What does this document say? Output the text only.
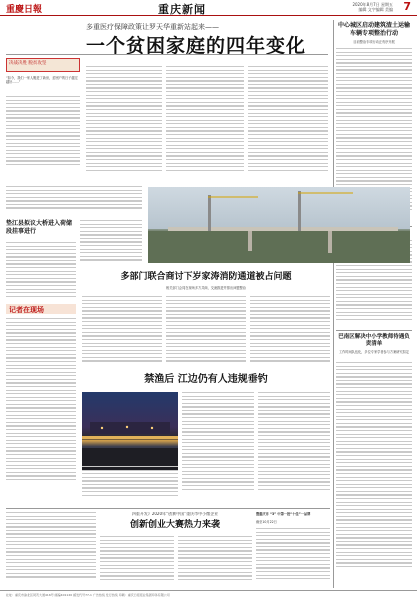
重慶日報	重庆新闻	2020年8月7日 星期五
编辑 文字编辑 美编 7
多重医疗保障政策让罗天华重新站起来——
一个贫困家庭的四年变化
决战决胜 脱贫攻坚
“如今，我们一家人搬进了新房，贫困户的日子越过越好……”
中心城区启动建筑渣土运输车辆专项整治行动
目前整治专项行动正有序开展
巴南区解决中小学教师待遇负责清单
工作时间队伍化，多位专家学者参与方案研究拟定
垫江县拟议大桥进入荷储段挂事进行
记者在现场
多部门联合商讨下岁家涛消防通道被占问题
相关部门会同在现场多方共商，交流推进并排出问题整治
禁渔后 江边仍有人违规垂钓
四重开发》2020年“创赛中国”重庆市中小微企业
创新创业大赛热力来袭
暨重庆市 “3” 中第一批“十佳”一品牌
截至10月22日
社址：重庆市渝北区同茂大道416号 邮编401120 邮发代号77-1 广告热线 发行热线 印刷：重庆日报报业集团印务有限公司
